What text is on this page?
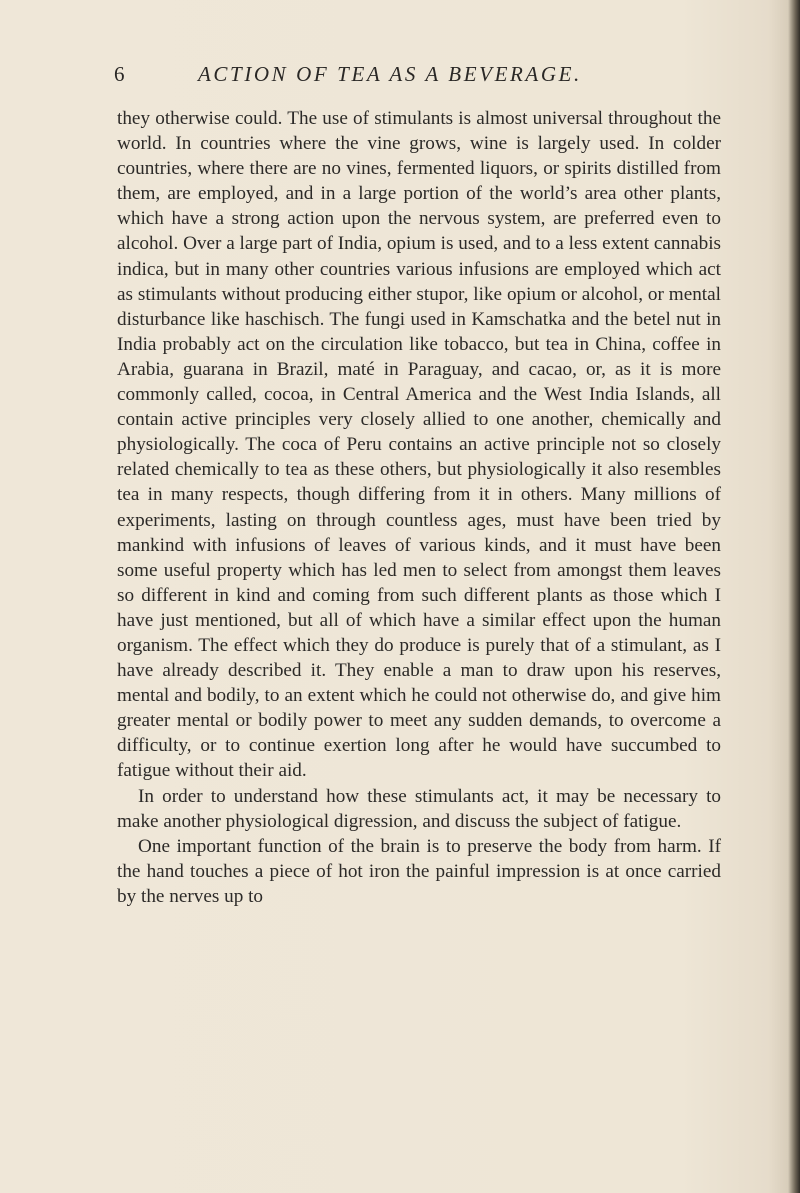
6	ACTION OF TEA AS A BEVERAGE.

they otherwise could. The use of stimulants is almost universal throughout the world. In countries where the vine grows, wine is largely used. In colder countries, where there are no vines, fermented liquors, or spirits distilled from them, are employed, and in a large portion of the world’s area other plants, which have a strong action upon the nervous system, are preferred even to alcohol. Over a large part of India, opium is used, and to a less extent cannabis indica, but in many other countries various infusions are employed which act as stimulants without producing either stupor, like opium or alcohol, or mental disturbance like haschisch. The fungi used in Kamschatka and the betel nut in India probably act on the circulation like tobacco, but tea in China, coffee in Arabia, guarana in Brazil, maté in Paraguay, and cacao, or, as it is more commonly called, cocoa, in Central America and the West India Islands, all contain active principles very closely allied to one another, chemically and physiologically. The coca of Peru contains an active principle not so closely related chemically to tea as these others, but physiologically it also resembles tea in many respects, though differing from it in others. Many millions of experiments, lasting on through countless ages, must have been tried by mankind with infusions of leaves of various kinds, and it must have been some useful property which has led men to select from amongst them leaves so different in kind and coming from such different plants as those which I have just mentioned, but all of which have a similar effect upon the human organism. The effect which they do produce is purely that of a stimulant, as I have already described it. They enable a man to draw upon his reserves, mental and bodily, to an extent which he could not otherwise do, and give him greater mental or bodily power to meet any sudden demands, to overcome a difficulty, or to continue exertion long after he would have succumbed to fatigue without their aid.

In order to understand how these stimulants act, it may be necessary to make another physiological digression, and discuss the subject of fatigue.

One important function of the brain is to preserve the body from harm. If the hand touches a piece of hot iron the painful impression is at once carried by the nerves up to
